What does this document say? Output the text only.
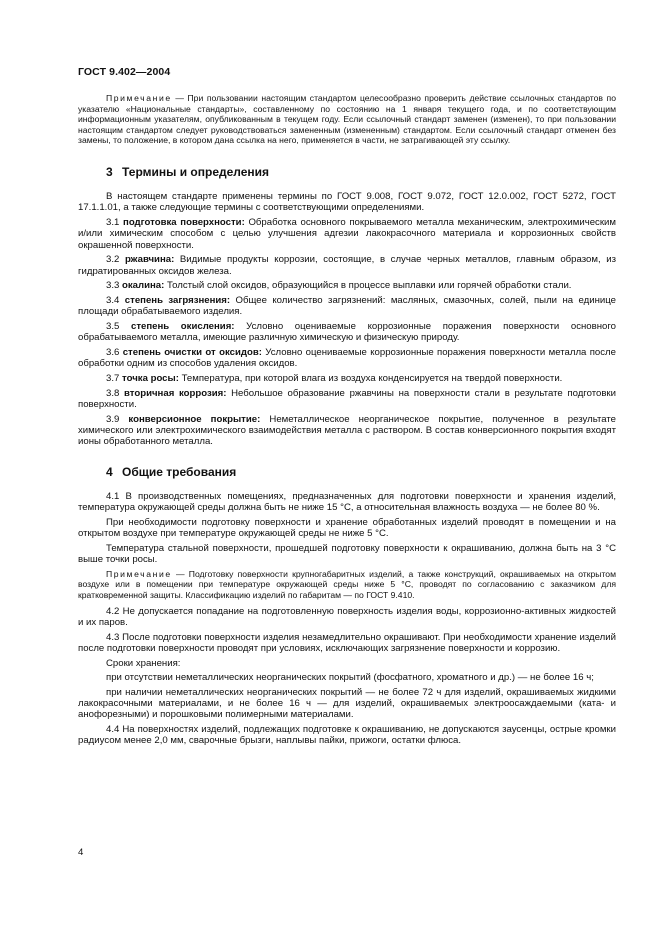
ГОСТ 9.402—2004

Примечание — При пользовании настоящим стандартом целесообразно проверить действие ссылочных стандартов по указателю «Национальные стандарты», составленному по состоянию на 1 января текущего года, и по соответствующим информационным указателям, опубликованным в текущем году. Если ссылочный стандарт заменен (изменен), то при пользовании настоящим стандартом следует руководствоваться замененным (измененным) стандартом. Если ссылочный стандарт отменен без замены, то положение, в котором дана ссылка на него, применяется в части, не затрагивающей эту ссылку.

3 Термины и определения

В настоящем стандарте применены термины по ГОСТ 9.008, ГОСТ 9.072, ГОСТ 12.0.002, ГОСТ 5272, ГОСТ 17.1.1.01, а также следующие термины с соответствующими определениями.

3.1 подготовка поверхности: Обработка основного покрываемого металла механическим, электрохимическим и/или химическим способом с целью улучшения адгезии лакокрасочного материала и коррозионных свойств окрашенной поверхности.

3.2 ржавчина: Видимые продукты коррозии, состоящие, в случае черных металлов, главным образом, из гидратированных оксидов железа.

3.3 окалина: Толстый слой оксидов, образующийся в процессе выплавки или горячей обработки стали.

3.4 степень загрязнения: Общее количество загрязнений: масляных, смазочных, солей, пыли на единице площади обрабатываемого изделия.

3.5 степень окисления: Условно оцениваемые коррозионные поражения поверхности основного обрабатываемого металла, имеющие различную химическую и физическую природу.

3.6 степень очистки от оксидов: Условно оцениваемые коррозионные поражения поверхности металла после обработки одним из способов удаления оксидов.

3.7 точка росы: Температура, при которой влага из воздуха конденсируется на твердой поверхности.

3.8 вторичная коррозия: Небольшое образование ржавчины на поверхности стали в результате подготовки поверхности.

3.9 конверсионное покрытие: Неметаллическое неорганическое покрытие, полученное в результате химического или электрохимического взаимодействия металла с раствором. В состав конверсионного покрытия входят ионы обработанного металла.

4 Общие требования

4.1 В производственных помещениях, предназначенных для подготовки поверхности и хранения изделий, температура окружающей среды должна быть не ниже 15 °C, а относительная влажность воздуха — не более 80 %.

При необходимости подготовку поверхности и хранение обработанных изделий проводят в помещении и на открытом воздухе при температуре окружающей среды не ниже 5 °C.

Температура стальной поверхности, прошедшей подготовку поверхности к окрашиванию, должна быть на 3 °C выше точки росы.

Примечание — Подготовку поверхности крупногабаритных изделий, а также конструкций, окрашиваемых на открытом воздухе или в помещении при температуре окружающей среды ниже 5 °C, проводят по согласованию с заказчиком для кратковременной защиты. Классификацию изделий по габаритам — по ГОСТ 9.410.

4.2 Не допускается попадание на подготовленную поверхность изделия воды, коррозионно-активных жидкостей и их паров.

4.3 После подготовки поверхности изделия незамедлительно окрашивают. При необходимости хранение изделий после подготовки поверхности проводят при условиях, исключающих загрязнение поверхности и коррозию.

Сроки хранения:

при отсутствии неметаллических неорганических покрытий (фосфатного, хроматного и др.) — не более 16 ч;

при наличии неметаллических неорганических покрытий — не более 72 ч для изделий, окрашиваемых жидкими лакокрасочными материалами, и не более 16 ч — для изделий, окрашиваемых электроосаждаемыми (ката- и анофорезными) и порошковыми полимерными материалами.

4.4 На поверхностях изделий, подлежащих подготовке к окрашиванию, не допускаются заусенцы, острые кромки радиусом менее 2,0 мм, сварочные брызги, наплывы пайки, прижоги, остатки флюса.

4
